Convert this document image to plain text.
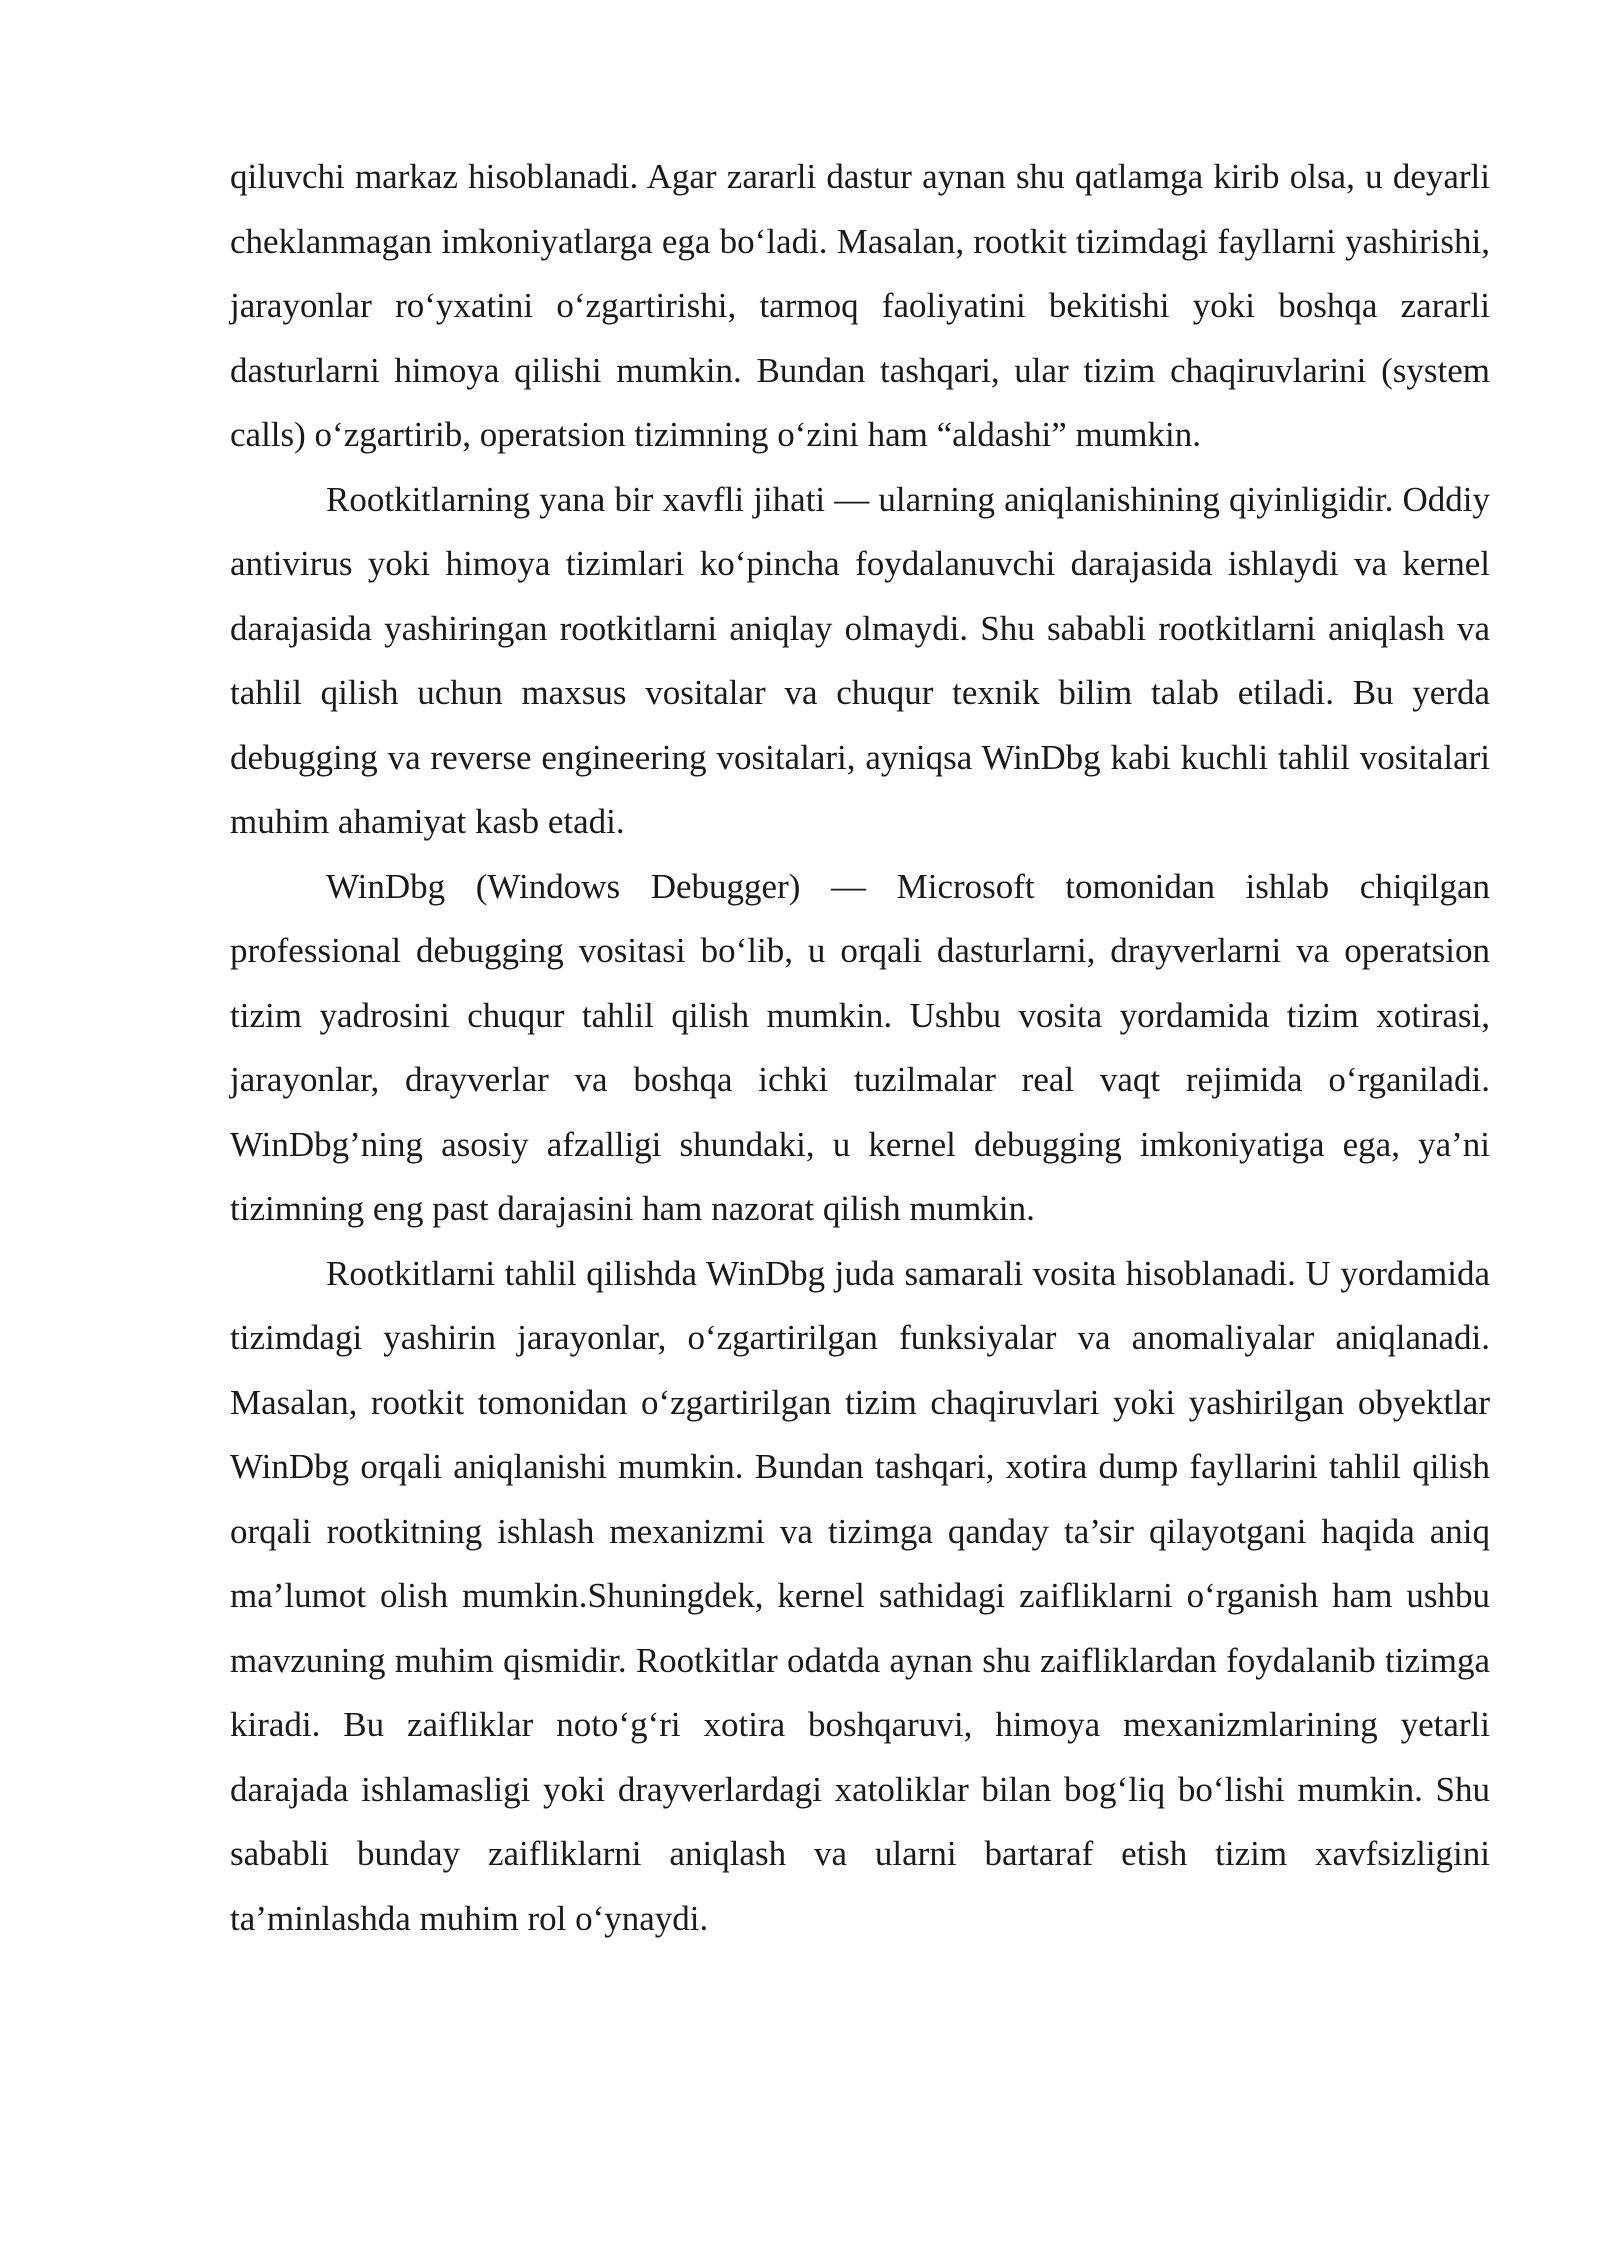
qiluvchi markaz hisoblanadi. Agar zararli dastur aynan shu qatlamga kirib olsa, u deyarli cheklanmagan imkoniyatlarga ega bo‘ladi. Masalan, rootkit tizimdagi fayllarni yashirishi, jarayonlar ro‘yxatini o‘zgartirishi, tarmoq faoliyatini bekitishi yoki boshqa zararli dasturlarni himoya qilishi mumkin. Bundan tashqari, ular tizim chaqiruvlarini (system calls) o‘zgartirib, operatsion tizimning o‘zini ham “aldashi” mumkin.

Rootkitlarning yana bir xavfli jihati — ularning aniqlanishining qiyinligidir. Oddiy antivirus yoki himoya tizimlari ko‘pincha foydalanuvchi darajasida ishlaydi va kernel darajasida yashiringan rootkitlarni aniqlay olmaydi. Shu sababli rootkitlarni aniqlash va tahlil qilish uchun maxsus vositalar va chuqur texnik bilim talab etiladi. Bu yerda debugging va reverse engineering vositalari, ayniqsa WinDbg kabi kuchli tahlil vositalari muhim ahamiyat kasb etadi.

WinDbg (Windows Debugger) — Microsoft tomonidan ishlab chiqilgan professional debugging vositasi bo‘lib, u orqali dasturlarni, drayverlarni va operatsion tizim yadrosini chuqur tahlil qilish mumkin. Ushbu vosita yordamida tizim xotirasi, jarayonlar, drayverlar va boshqa ichki tuzilmalar real vaqt rejimida o‘rganiladi. WinDbg’ning asosiy afzalligi shundaki, u kernel debugging imkoniyatiga ega, ya’ni tizimning eng past darajasini ham nazorat qilish mumkin.

Rootkitlarni tahlil qilishda WinDbg juda samarali vosita hisoblanadi. U yordamida tizimdagi yashirin jarayonlar, o‘zgartirilgan funksiyalar va anomaliyalar aniqlanadi. Masalan, rootkit tomonidan o‘zgartirilgan tizim chaqiruvlari yoki yashirilgan obyektlar WinDbg orqali aniqlanishi mumkin. Bundan tashqari, xotira dump fayllarini tahlil qilish orqali rootkitning ishlash mexanizmi va tizimga qanday ta’sir qilayotgani haqida aniq ma’lumot olish mumkin.Shuningdek, kernel sathidagi zaifliklarni o‘rganish ham ushbu mavzuning muhim qismidir. Rootkitlar odatda aynan shu zaifliklardan foydalanib tizimga kiradi. Bu zaifliklar noto‘g‘ri xotira boshqaruvi, himoya mexanizmlarining yetarli darajada ishlamasligi yoki drayverlardagi xatoliklar bilan bog‘liq bo‘lishi mumkin. Shu sababli bunday zaifliklarni aniqlash va ularni bartaraf etish tizim xavfsizligini ta’minlashda muhim rol o‘ynaydi.
